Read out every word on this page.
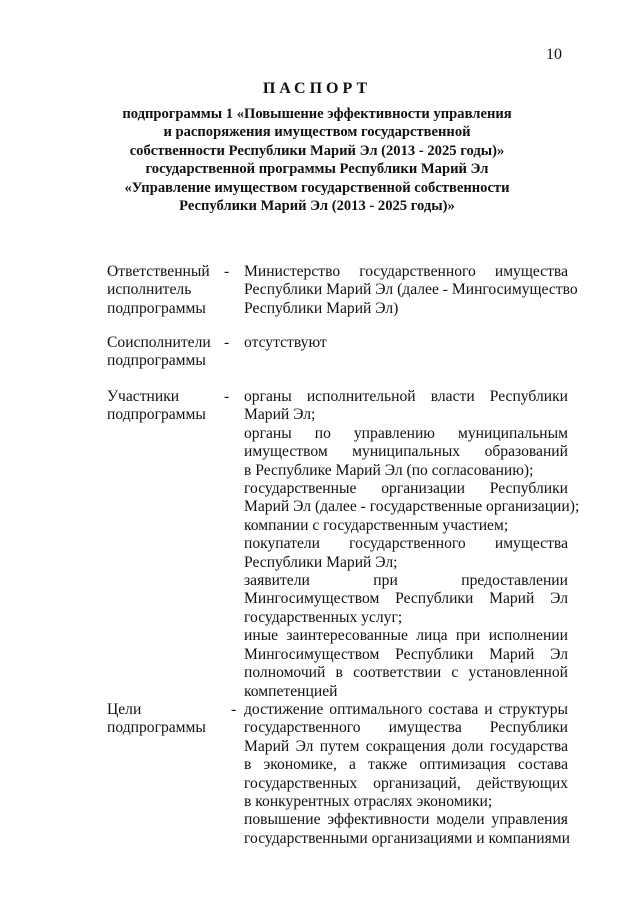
10
ПАСПОРТ
подпрограммы 1 «Повышение эффективности управления
и распоряжения имуществом государственной
собственности Республики Марий Эл (2013 - 2025 годы)»
государственной программы Республики Марий Эл
«Управление имуществом государственной собственности
Республики Марий Эл (2013 - 2025 годы)»
Ответственный
исполнитель
подпрограммы
- Министерство государственного имущества
Республики Марий Эл (далее - Мингосимущество
Республики Марий Эл)
Соисполнители
подпрограммы
- отсутствуют
Участники
подпрограммы
- органы исполнительной власти Республики
Марий Эл;
органы по управлению муниципальным
имуществом муниципальных образований
в Республике Марий Эл (по согласованию);
государственные организации Республики
Марий Эл (далее - государственные организации);
компании с государственным участием;
покупатели государственного имущества
Республики Марий Эл;
заявители при предоставлении
Мингосимуществом Республики Марий Эл
государственных услуг;
иные заинтересованные лица при исполнении
Мингосимуществом Республики Марий Эл
полномочий в соответствии с установленной
компетенцией
Цели
подпрограммы
- достижение оптимального состава и структуры
государственного имущества Республики
Марий Эл путем сокращения доли государства
в экономике, а также оптимизация состава
государственных организаций, действующих
в конкурентных отраслях экономики;
повышение эффективности модели управления
государственными организациями и компаниями
